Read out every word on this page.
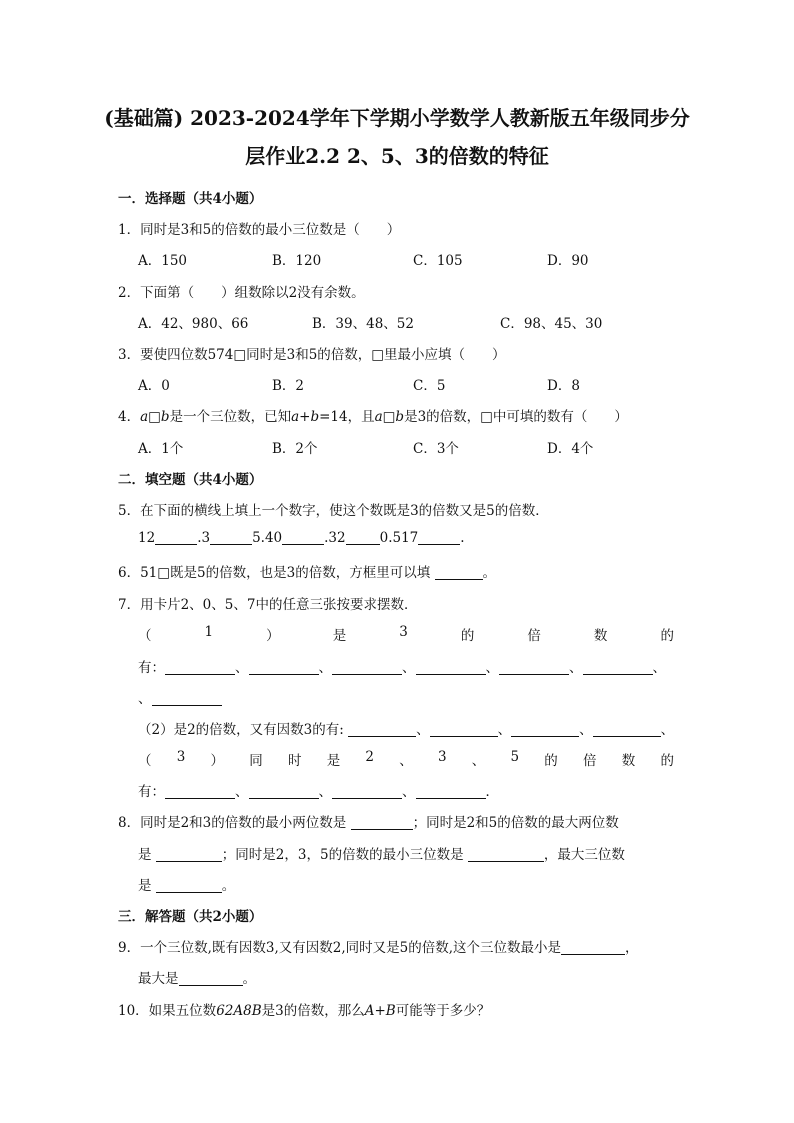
(基础篇) 2023-2024学年下学期小学数学人教新版五年级同步分
层作业2.2 2、5、3的倍数的特征
一．选择题（共4小题）
1．同时是3和5的倍数的最小三位数是（　　）
A．150	B．120	C．105	D．90
2．下面第（　　）组数除以2没有余数。
A．42、980、66	B．39、48、52	C．98、45、30
3．要使四位数574□同时是3和5的倍数，□里最小应填（　　）
A．0	B．2	C．5	D．8
4．a□b是一个三位数，已知a+b=14，且a□b是3的倍数，□中可填的数有（　　）
A．1个	B．2个	C．3个	D．4个
二．填空题（共4小题）
5．在下面的横线上填上一个数字，使这个数既是3的倍数又是5的倍数．
12	.3	5.40	.32	0.517	.
6．51□既是5的倍数，也是3的倍数，方框里可以填	。
7．用卡片2、0、5、7中的任意三张按要求摆数．
（	1	）	是	3	的	倍	数	的
有：	、	、	、	、	、	、
、
（2）是2的倍数，又有因数3的有:	、	、	、	、
（ 3 ） 同 时 是 2 、 3 、 5 的 倍 数 的
有：	、	、	、	．
8．同时是2和3的倍数的最小两位数是	；同时是2和5的倍数的最大两位数
是	；同时是2，3，5的倍数的最小三位数是	，最大三位数
是	。
三．解答题（共2小题）
9．一个三位数,既有因数3,又有因数2,同时又是5的倍数,这个三位数最小是	，
最大是	。
10．如果五位数62A8B是3的倍数，那么A+B可能等于多少？
